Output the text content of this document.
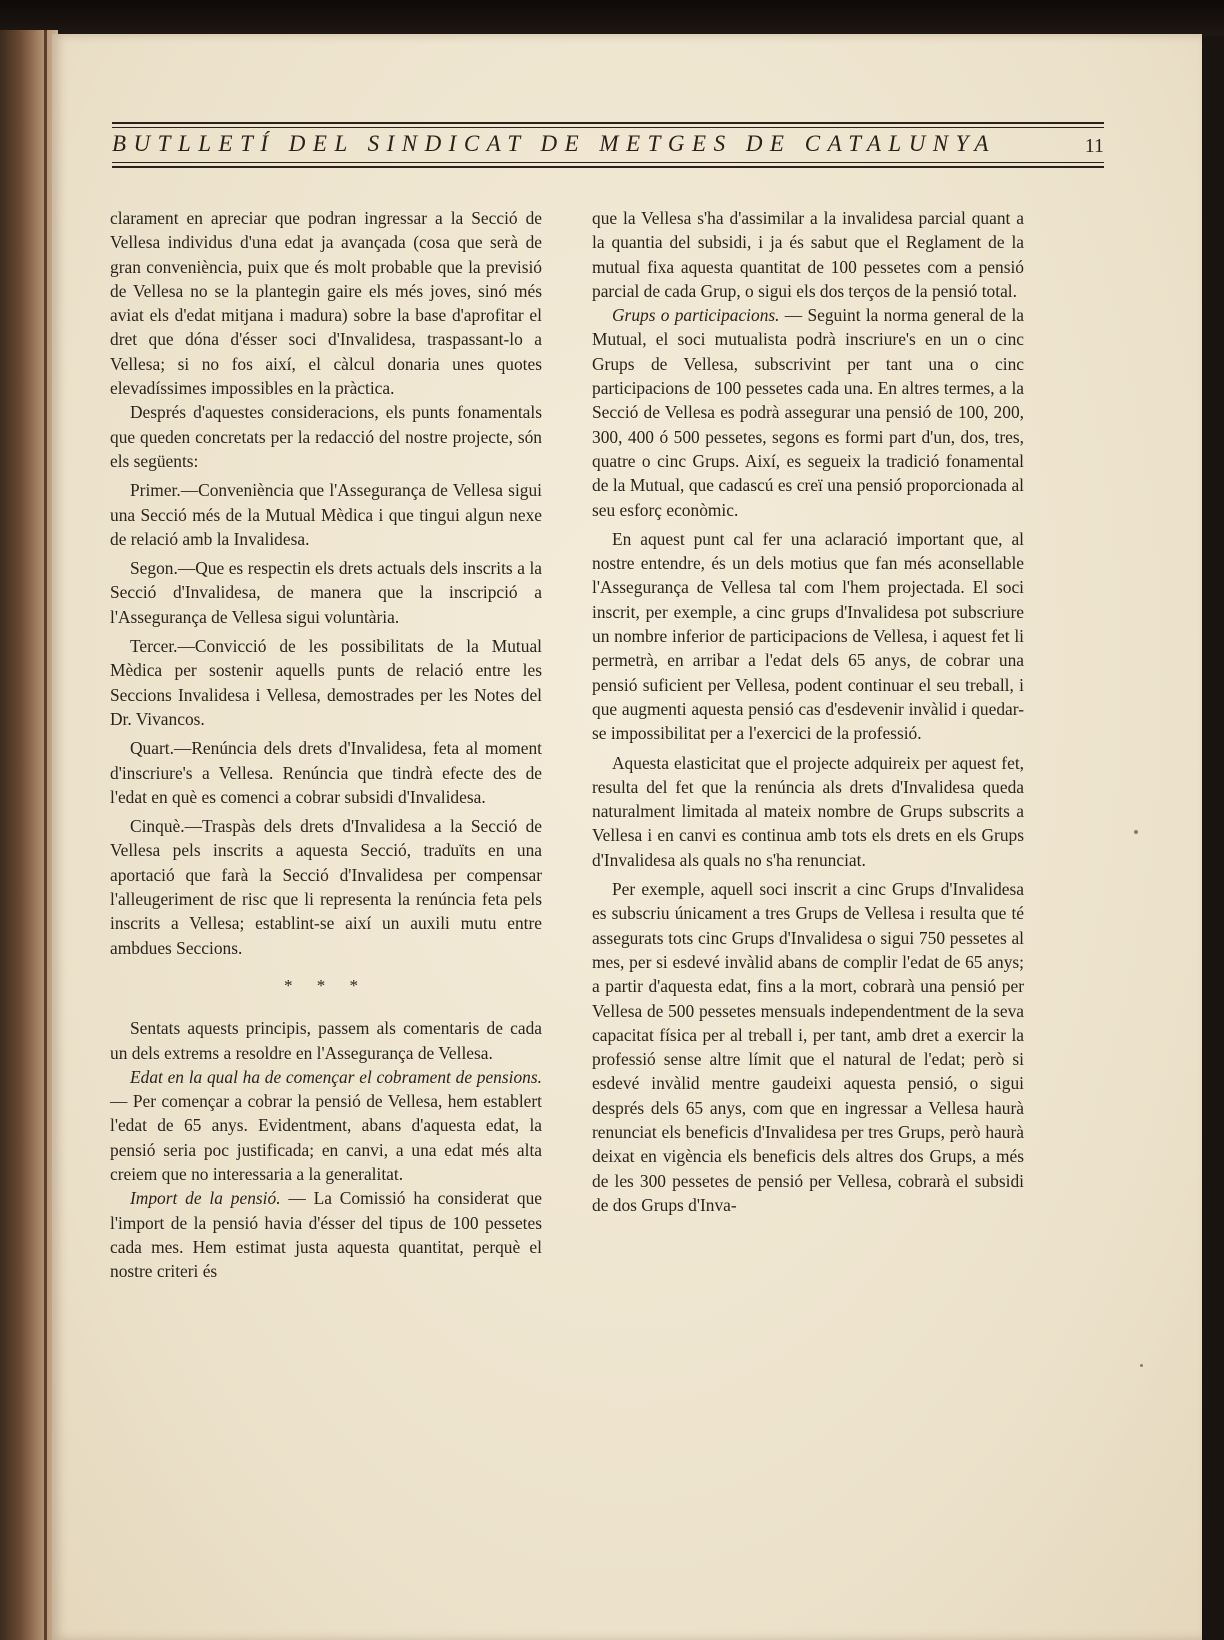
BUTLLETÍ DEL SINDICAT DE METGES DE CATALUNYA	11

clarament en apreciar que podran ingressar a la Secció de Vellesa individus d'una edat ja avançada (cosa que serà de gran conveniència, puix que és molt probable que la previsió de Vellesa no se la plantegin gaire els més joves, sinó més aviat els d'edat mitjana i madura) sobre la base d'aprofitar el dret que dóna d'ésser soci d'Invalidesa, traspassant-lo a Vellesa; si no fos així, el càlcul donaria unes quotes elevadíssimes impossibles en la pràctica.

Després d'aquestes consideracions, els punts fonamentals que queden concretats per la redacció del nostre projecte, són els següents:

Primer.—Conveniència que l'Assegurança de Vellesa sigui una Secció més de la Mutual Mèdica i que tingui algun nexe de relació amb la Invalidesa.

Segon.—Que es respectin els drets actuals dels inscrits a la Secció d'Invalidesa, de manera que la inscripció a l'Assegurança de Vellesa sigui voluntària.

Tercer.—Convicció de les possibilitats de la Mutual Mèdica per sostenir aquells punts de relació entre les Seccions Invalidesa i Vellesa, demostrades per les Notes del Dr. Vivancos.

Quart.—Renúncia dels drets d'Invalidesa, feta al moment d'inscriure's a Vellesa. Renúncia que tindrà efecte des de l'edat en què es comenci a cobrar subsidi d'Invalidesa.

Cinquè.—Traspàs dels drets d'Invalidesa a la Secció de Vellesa pels inscrits a aquesta Secció, traduïts en una aportació que farà la Secció d'Invalidesa per compensar l'alleugeriment de risc que li representa la renúncia feta pels inscrits a Vellesa; establint-se així un auxili mutu entre ambdues Seccions.

* * *

Sentats aquests principis, passem als comentaris de cada un dels extrems a resoldre en l'Assegurança de Vellesa.

Edat en la qual ha de començar el cobrament de pensions. — Per començar a cobrar la pensió de Vellesa, hem establert l'edat de 65 anys. Evidentment, abans d'aquesta edat, la pensió seria poc justificada; en canvi, a una edat més alta creiem que no interessaria a la generalitat.

Import de la pensió. — La Comissió ha considerat que l'import de la pensió havia d'ésser del tipus de 100 pessetes cada mes. Hem estimat justa aquesta quantitat, perquè el nostre criteri és

que la Vellesa s'ha d'assimilar a la invalidesa parcial quant a la quantia del subsidi, i ja és sabut que el Reglament de la mutual fixa aquesta quantitat de 100 pessetes com a pensió parcial de cada Grup, o sigui els dos terços de la pensió total.

Grups o participacions. — Seguint la norma general de la Mutual, el soci mutualista podrà inscriure's en un o cinc Grups de Vellesa, subscrivint per tant una o cinc participacions de 100 pessetes cada una. En altres termes, a la Secció de Vellesa es podrà assegurar una pensió de 100, 200, 300, 400 ó 500 pessetes, segons es formi part d'un, dos, tres, quatre o cinc Grups. Així, es segueix la tradició fonamental de la Mutual, que cadascú es creï una pensió proporcionada al seu esforç econòmic.

En aquest punt cal fer una aclaració important que, al nostre entendre, és un dels motius que fan més aconsellable l'Assegurança de Vellesa tal com l'hem projectada. El soci inscrit, per exemple, a cinc grups d'Invalidesa pot subscriure un nombre inferior de participacions de Vellesa, i aquest fet li permetrà, en arribar a l'edat dels 65 anys, de cobrar una pensió suficient per Vellesa, podent continuar el seu treball, i que augmenti aquesta pensió cas d'esdevenir invàlid i quedar-se impossibilitat per a l'exercici de la professió.

Aquesta elasticitat que el projecte adquireix per aquest fet, resulta del fet que la renúncia als drets d'Invalidesa queda naturalment limitada al mateix nombre de Grups subscrits a Vellesa i en canvi es continua amb tots els drets en els Grups d'Invalidesa als quals no s'ha renunciat.

Per exemple, aquell soci inscrit a cinc Grups d'Invalidesa es subscriu únicament a tres Grups de Vellesa i resulta que té assegurats tots cinc Grups d'Invalidesa o sigui 750 pessetes al mes, per si esdevé invàlid abans de complir l'edat de 65 anys; a partir d'aquesta edat, fins a la mort, cobrarà una pensió per Vellesa de 500 pessetes mensuals independentment de la seva capacitat física per al treball i, per tant, amb dret a exercir la professió sense altre límit que el natural de l'edat; però si esdevé invàlid mentre gaudeixi aquesta pensió, o sigui després dels 65 anys, com que en ingressar a Vellesa haurà renunciat els beneficis d'Invalidesa per tres Grups, però haurà deixat en vigència els beneficis dels altres dos Grups, a més de les 300 pessetes de pensió per Vellesa, cobrarà el subsidi de dos Grups d'Inva-
